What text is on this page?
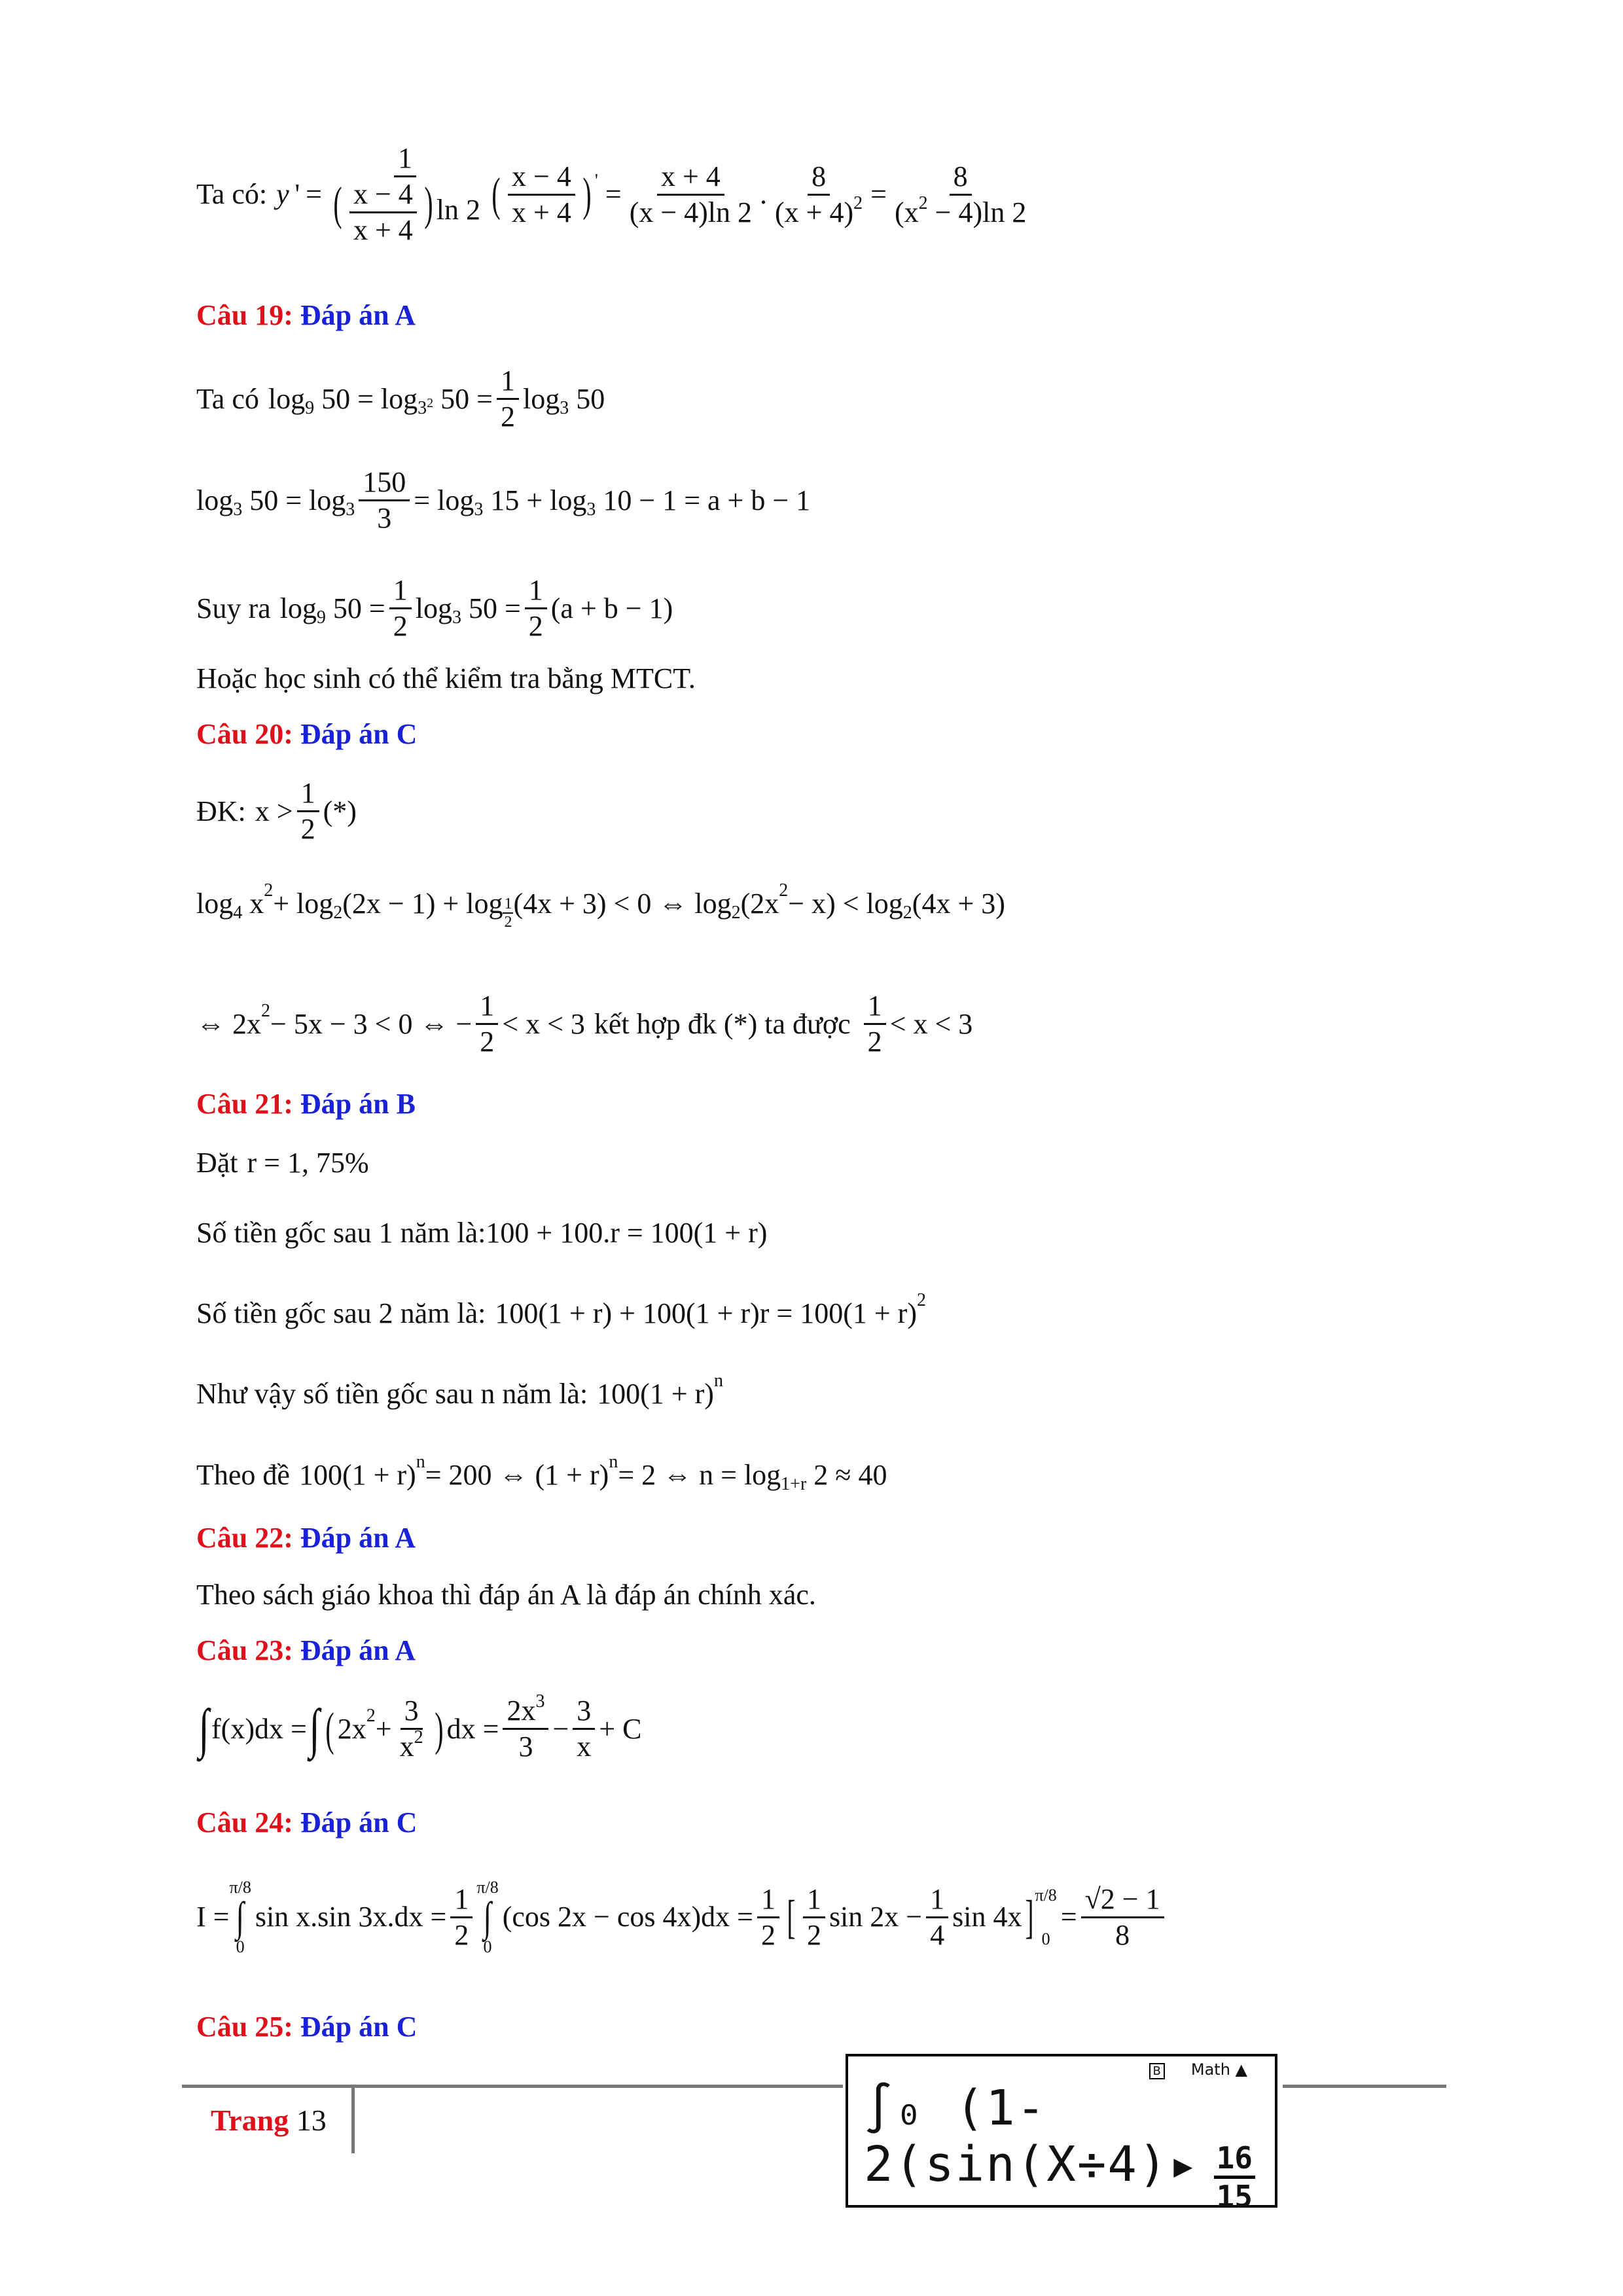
Ta có: y  ' =
1
( $\frac{x - 4}{x + 4}$ ) ln 2 ( x − 4
x + 4 ) ' =
x + 4
(x − 4)ln 2
.
8
$(x + 4)^2$ =
8
$(x^2 - 4)\ln$ 2
Câu 19: Đáp án A
Ta có log 9 $50 = \log 3^2$ 50 =
1
2
log 3 50
log 3 50 = log 3
150
3
= log 3 15 + log 3 10 − 1 = a + b − 1
Suy ra log 9 50 =
1
2
log 3 50 =
1
2
(a + b − 1)
Hoặc học sinh có thể kiểm tra bằng MTCT.
Câu 20: Đáp án C
ĐK: x >
1
2
(*)
log 4 x 2 + log 2 $(2x - 1) + \log \frac{1}{2} (4x + 3) < 0$ ⇔ log 2 (2x 2 − x) < log 2 (4x + 3)
⇔ 2x 2 − 5x − 3 < 0 ⇔ −
1
2
< x < 3 kết hợp đk (*) ta được
1
2
< x < 3
Câu 21: Đáp án B
Đặt r = 1, 75%
Số tiền gốc sau 1 năm là: 100 + 100.r = 100(1 + r)
Số tiền gốc sau 2 năm là: 100(1 + r) + 100(1 + r)r = 100(1 + r) 2
Như vậy số tiền gốc sau n năm là: 100(1 + r) n
Theo đề 100(1 + r) n = 200 ⇔ (1 + r) n = 2 ⇔ n = log 1+r 2 ≈ 40
Câu 22: Đáp án A
Theo sách giáo khoa thì đáp án A là đáp án chính xác.
Câu 23: Đáp án A
∫ f(x)dx = ∫ ( 2x 2 +
3
$x^2$ ) dx =
$2x^3$
3
−
3
x
+ C
Câu 24: Đáp án C
I =
π/8
∫
0
sin x.sin 3x.dx =
1
2
π/8
∫
0
(cos 2x − cos 4x)dx =
1
2 [ 1
2
sin 2x −
1
4
sin 4x ] π/8
0
=
√2 − 1
8
Câu 25: Đáp án C
B Math ▲
∫₀ (1-2(sin(X÷4)▸ $\frac{16}{15}$
Trang 13
